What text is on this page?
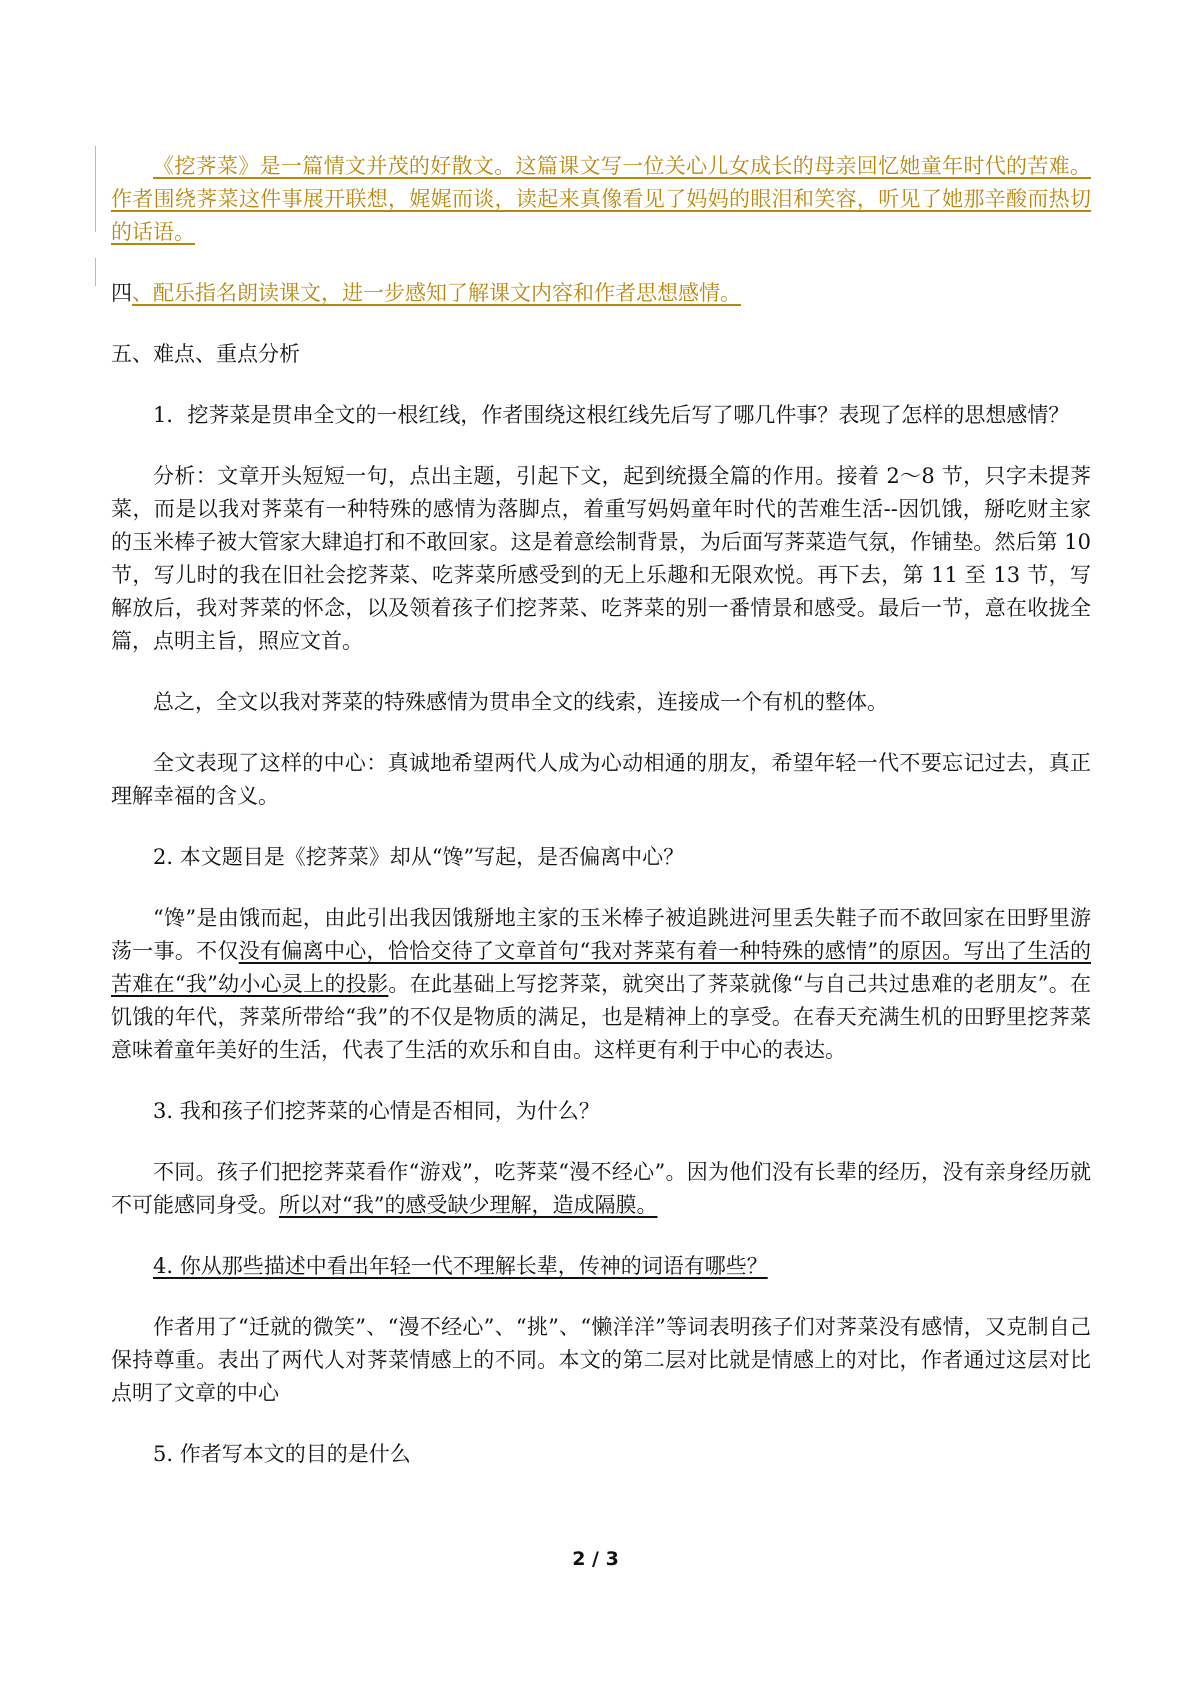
《挖荠菜》是一篇情文并茂的好散文。这篇课文写一位关心儿女成长的母亲回忆她童年时代的苦难。作者围绕荠菜这件事展开联想，娓娓而谈，读起来真像看见了妈妈的眼泪和笑容，听见了她那辛酸而热切的话语。

四、配乐指名朗读课文，进一步感知了解课文内容和作者思想感情。

五、难点、重点分析

1．挖荠菜是贯串全文的一根红线，作者围绕这根红线先后写了哪几件事？表现了怎样的思想感情？

分析：文章开头短短一句，点出主题，引起下文，起到统摄全篇的作用。接着 2～8 节，只字未提荠菜，而是以我对荠菜有一种特殊的感情为落脚点，着重写妈妈童年时代的苦难生活--因饥饿，掰吃财主家的玉米棒子被大管家大肆追打和不敢回家。这是着意绘制背景，为后面写荠菜造气氛，作铺垫。然后第 10 节，写儿时的我在旧社会挖荠菜、吃荠菜所感受到的无上乐趣和无限欢悦。再下去，第 11 至 13 节，写解放后，我对荠菜的怀念，以及领着孩子们挖荠菜、吃荠菜的别一番情景和感受。最后一节，意在收拢全篇，点明主旨，照应文首。

总之，全文以我对荠菜的特殊感情为贯串全文的线索，连接成一个有机的整体。

全文表现了这样的中心：真诚地希望两代人成为心动相通的朋友，希望年轻一代不要忘记过去，真正理解幸福的含义。

2. 本文题目是《挖荠菜》却从“馋”写起，是否偏离中心？

“馋”是由饿而起，由此引出我因饿掰地主家的玉米棒子被追跳进河里丢失鞋子而不敢回家在田野里游荡一事。不仅没有偏离中心，恰恰交待了文章首句“我对荠菜有着一种特殊的感情”的原因。写出了生活的苦难在“我”幼小心灵上的投影。在此基础上写挖荠菜，就突出了荠菜就像“与自己共过患难的老朋友”。在饥饿的年代，荠菜所带给“我”的不仅是物质的满足，也是精神上的享受。在春天充满生机的田野里挖荠菜意味着童年美好的生活，代表了生活的欢乐和自由。这样更有利于中心的表达。

3. 我和孩子们挖荠菜的心情是否相同，为什么？

不同。孩子们把挖荠菜看作“游戏”，吃荠菜“漫不经心”。因为他们没有长辈的经历，没有亲身经历就不可能感同身受。所以对“我”的感受缺少理解，造成隔膜。

4. 你从那些描述中看出年轻一代不理解长辈，传神的词语有哪些？

作者用了“迁就的微笑”、“漫不经心”、“挑”、“懒洋洋”等词表明孩子们对荠菜没有感情，又克制自己保持尊重。表出了两代人对荠菜情感上的不同。本文的第二层对比就是情感上的对比，作者通过这层对比点明了文章的中心

5. 作者写本文的目的是什么

2 / 3
